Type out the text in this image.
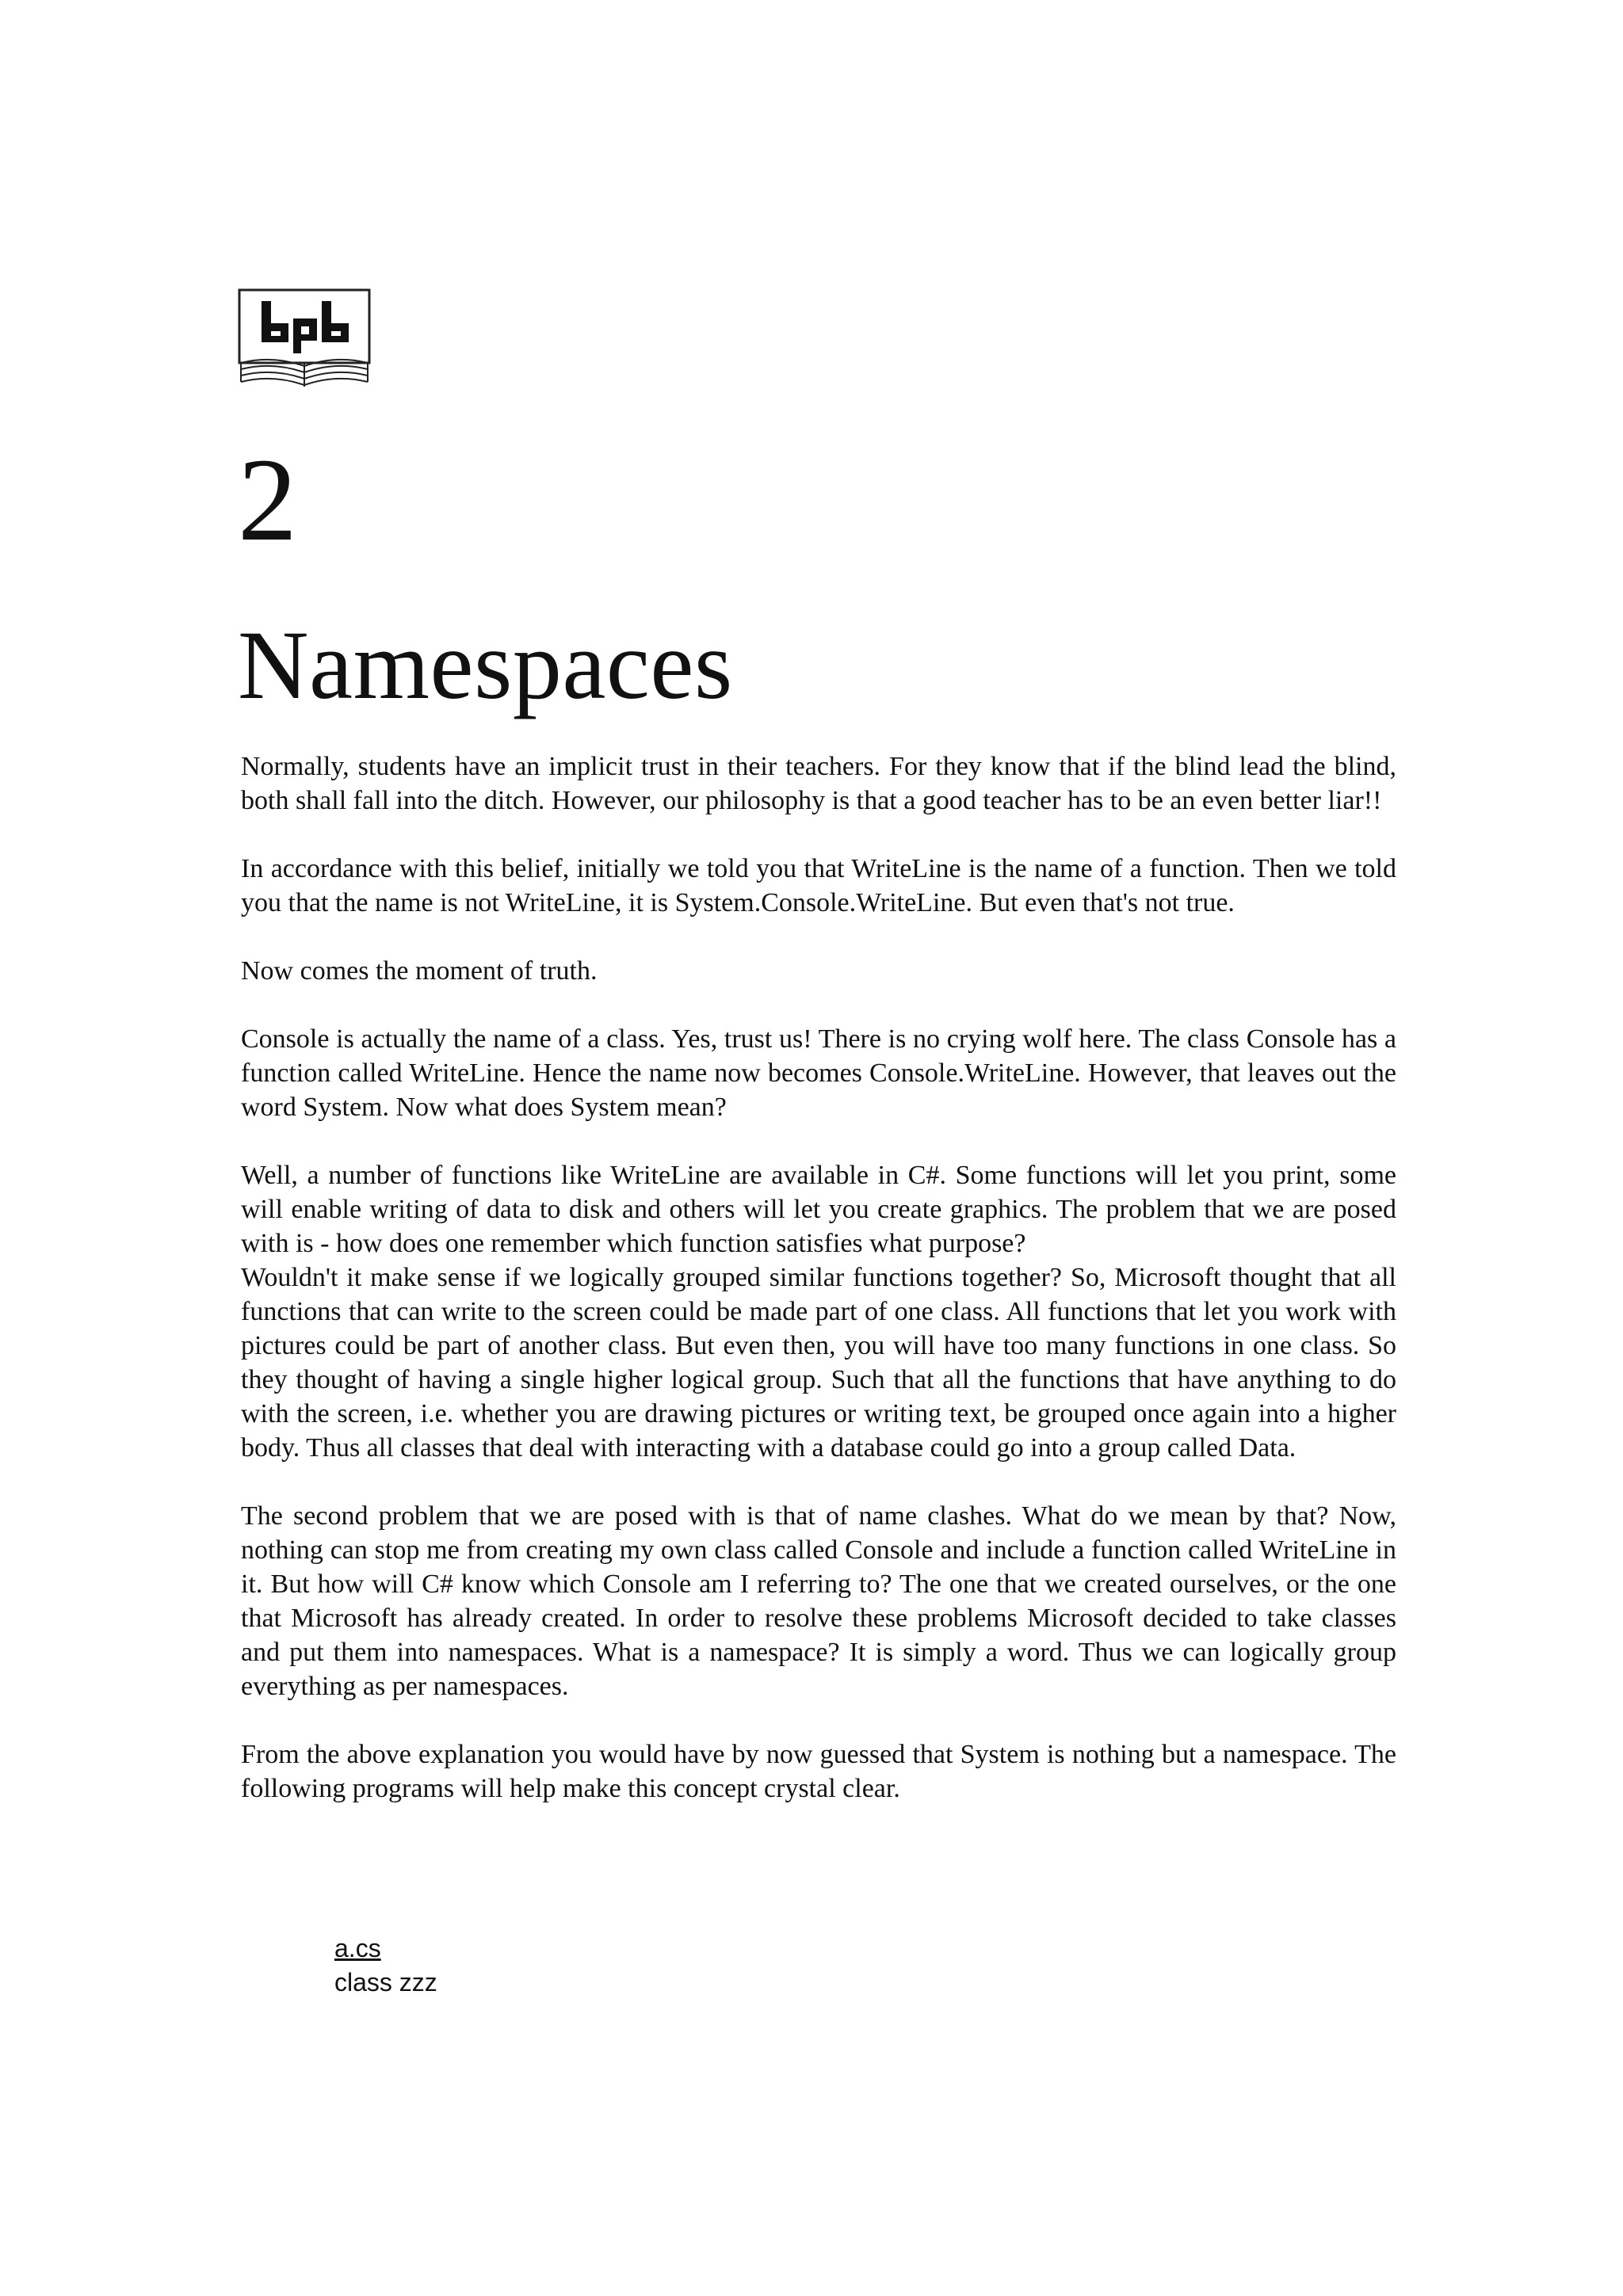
2
Namespaces

Normally, students have an implicit trust in their teachers. For they know that if the blind lead the blind, both shall fall into the ditch. However, our philosophy is that a good teacher has to be an even better liar!!

In accordance with this belief, initially we told you that WriteLine is the name of a function. Then we told you that the name is not WriteLine, it is System.Console.WriteLine. But even that's not true.

Now comes the moment of truth.

Console is actually the name of a class. Yes, trust us! There is no crying wolf here. The class Console has a function called WriteLine. Hence the name now becomes Console.WriteLine. However, that leaves out the word System. Now what does System mean?

Well, a number of functions like WriteLine are available in C#. Some functions will let you print, some will enable writing of data to disk and others will let you create graphics. The problem that we are posed with is - how does one remember which function satisfies what purpose?

Wouldn't it make sense if we logically grouped similar functions together? So, Microsoft thought that all functions that can write to the screen could be made part of one class. All functions that let you work with pictures could be part of another class. But even then, you will have too many functions in one class. So they thought of having a single higher logical group. Such that all the functions that have anything to do with the screen, i.e. whether you are drawing pictures or writing text, be grouped once again into a higher body. Thus all classes that deal with interacting with a database could go into a group called Data.

The second problem that we are posed with is that of name clashes. What do we mean by that? Now, nothing can stop me from creating my own class called Console and include a function called WriteLine in it. But how will C# know which Console am I referring to? The one that we created ourselves, or the one that Microsoft has already created. In order to resolve these problems Microsoft decided to take classes and put them into namespaces. What is a namespace? It is simply a word. Thus we can logically group everything as per namespaces.

From the above explanation you would have by now guessed that System is nothing but a namespace. The following programs will help make this concept crystal clear.

a.cs
class zzz
